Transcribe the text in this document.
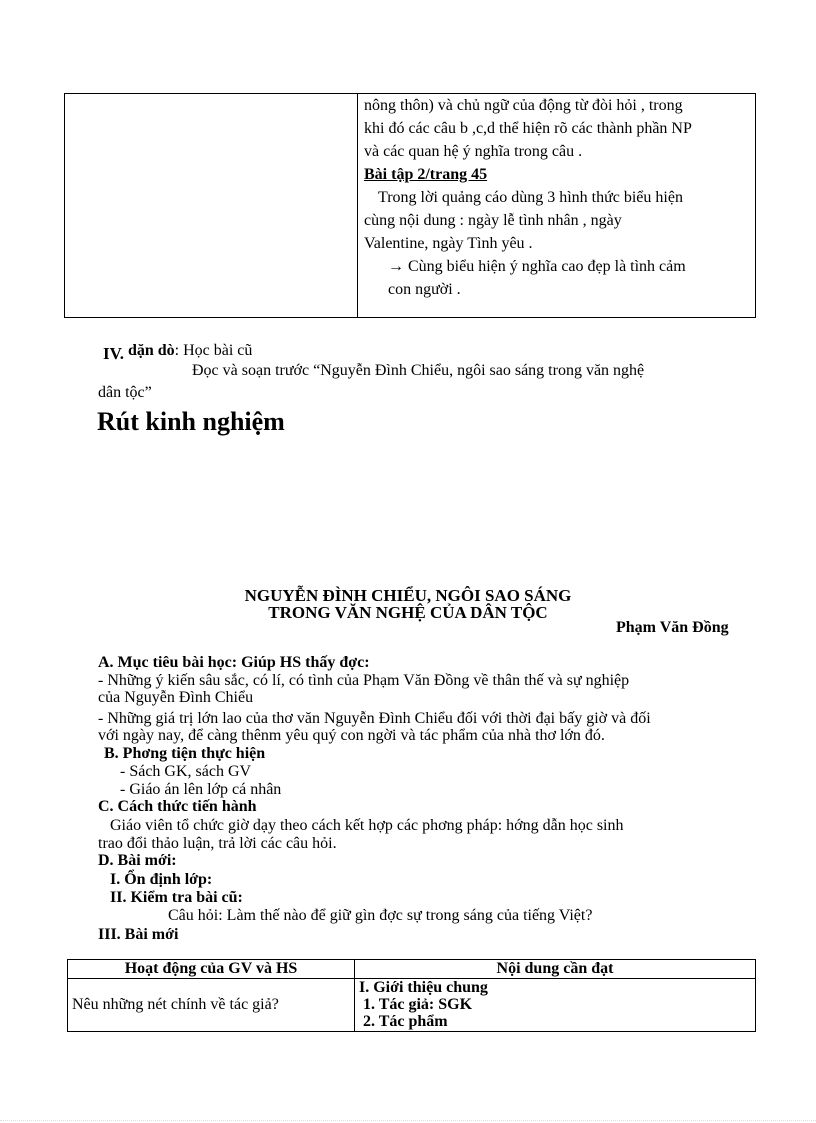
nông thôn) và chủ ngữ của động từ đòi hỏi , trong

khi đó các câu b ,c,d thể hiện rõ các thành phần NP

và các quan hệ ý nghĩa trong câu .

Bài tập 2/trang 45

Trong lời quảng cáo dùng 3 hình thức biểu hiện

cùng nội dung : ngày lễ tình nhân , ngày

Valentine, ngày Tình yêu .

→ Cùng biểu hiện ý nghĩa cao đẹp là tình cảm

con người .

IV. dặn dò: Học bài cũ
Đọc và soạn trước “Nguyễn Đình Chiểu, ngôi sao sáng trong văn nghệ
dân tộc”
Rút kinh nghiệm
NGUYỄN ĐÌNH CHIỂU, NGÔI SAO SÁNG
TRONG VĂN NGHỆ CỦA DÂN TỘC
Phạm Văn Đồng
A. Mục tiêu bài học: Giúp HS thấy đợc:
- Những ý kiến sâu sắc, có lí, có tình của Phạm Văn Đồng về thân thế và sự nghiệp
của Nguyễn Đình Chiểu
- Những giá trị lớn lao của thơ văn Nguyễn Đình Chiểu đối với thời đại bấy giờ và đối
với ngày nay, để càng thênm yêu quý con ngời và tác phẩm của nhà thơ lớn đó.
B. Phơng tiện thực hiện
- Sách GK, sách GV
- Giáo án lên lớp cá nhân
C. Cách thức tiến hành
Giáo viên tổ chức giờ dạy theo cách kết hợp các phơng pháp: hớng dẫn học sinh
trao đổi thảo luận, trả lời các câu hỏi.
D. Bài mới:
I. Ổn định lớp:
II. Kiểm tra bài cũ:
Câu hỏi: Làm thế nào để giữ gìn đợc sự trong sáng của tiếng Việt?
III. Bài mới
Hoạt động của GV và HS	Nội dung cần đạt
Nêu những nét chính về tác giả?	I. Giới thiệu chung
1. Tác giả: SGK
2. Tác phẩm
